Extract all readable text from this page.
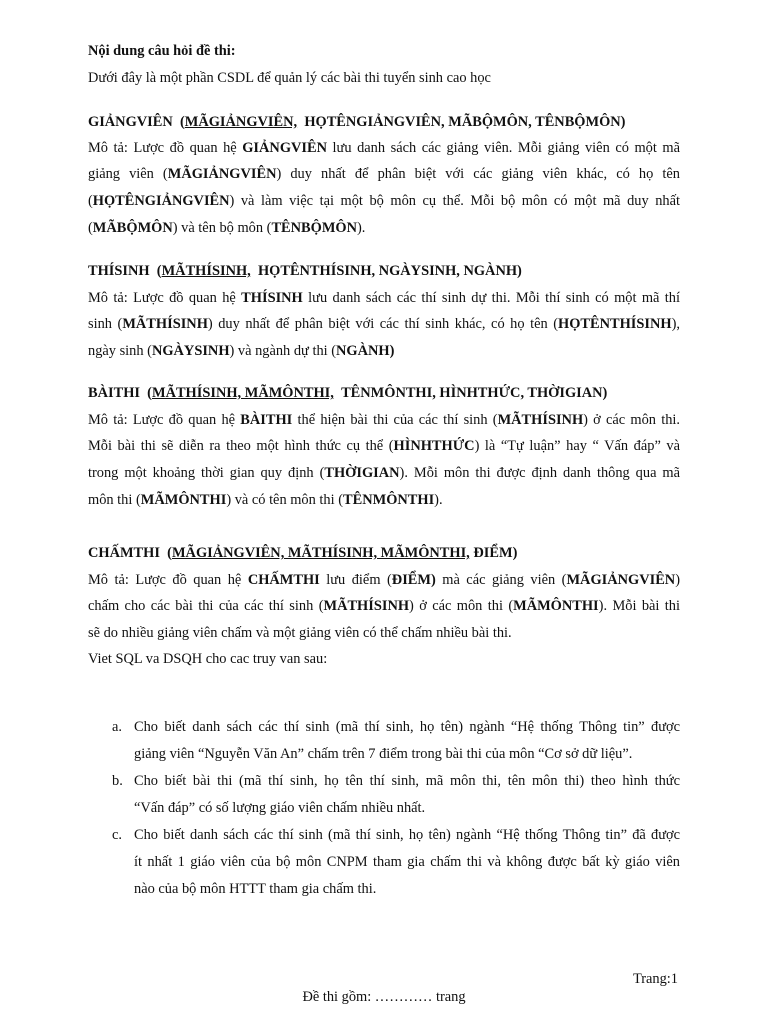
Nội dung câu hỏi đề thi:
Dưới đây là một phần CSDL để quản lý các bài thi tuyển sinh cao học
GIẢNGVIÊN  (MÃGIẢNGVIÊN, HỌTÊNGIẢNGVIÊN, MÃBỘMÔN, TÊNBỘMÔN)
Mô tả: Lược đồ quan hệ GIẢNGVIÊN lưu danh sách các giảng viên. Mỗi giảng viên có một mã
giảng viên (MÃGIẢNGVIÊN) duy nhất để phân biệt với các giảng viên khác, có họ tên
(HỌTÊNGIẢNGVIÊN) và làm việc tại một bộ môn cụ thể. Mỗi bộ môn có một mã duy nhất
(MÃBỘMÔN) và tên bộ môn (TÊNBỘMÔN).
THÍSINH  (MÃTHÍSINH, HỌTÊNTHÍSINH, NGÀYSINH, NGÀNH)
Mô tả: Lược đồ quan hệ THÍSINH lưu danh sách các thí sinh dự thi. Mỗi thí sinh có một mã thí
sinh (MÃTHÍSINH) duy nhất để phân biệt với các thí sinh khác, có họ tên (HỌTÊNTHÍSINH),
ngày sinh (NGÀYSINH) và ngành dự thi (NGÀNH)
BÀITHI  (MÃTHÍSINH, MÃMÔNTHI, TÊNMÔNTHI, HÌNHTHỨC, THỜIGIAN)
Mô tả: Lược đồ quan hệ BÀITHI thể hiện bài thi của các thí sinh (MÃTHÍSINH) ở các môn thi.
Mỗi bài thi sẽ diễn ra theo một hình thức cụ thể (HÌNHTHỨC) là “Tự luận” hay “ Vấn đáp” và
trong một khoảng thời gian quy định (THỜIGIAN). Mỗi môn thi được định danh thông qua mã
môn thi (MÃMÔNTHI) và có tên môn thi (TÊNMÔNTHI).
CHẤMTHI  (MÃGIẢNGVIÊN, MÃTHÍSINH, MÃMÔNTHI, ĐIỂM)
Mô tả: Lược đồ quan hệ CHẤMTHI lưu điểm (ĐIỂM) mà các giảng viên (MÃGIẢNGVIÊN)
chấm cho các bài thi của các thí sinh (MÃTHÍSINH) ở các môn thi (MÃMÔNTHI). Mỗi bài thi
sẽ do nhiều giảng viên chấm và một giảng viên có thể chấm nhiều bài thi.
Viet SQL va DSQH cho cac truy van sau:
a. Cho biết danh sách các thí sinh (mã thí sinh, họ tên) ngành “Hệ thống Thông tin” được
giảng viên “Nguyễn Văn An” chấm trên 7 điểm trong bài thi của môn “Cơ sở dữ liệu”.
b. Cho biết bài thi (mã thí sinh, họ tên thí sinh, mã môn thi, tên môn thi) theo hình thức
“Vấn đáp” có số lượng giáo viên chấm nhiều nhất.
c. Cho biết danh sách các thí sinh (mã thí sinh, họ tên) ngành “Hệ thống Thông tin” đã được
ít nhất 1 giáo viên của bộ môn CNPM tham gia chấm thi và không được bất kỳ giáo viên
nào của bộ môn HTTT tham gia chấm thi.
Trang:1
Đề thi gồm: ………… trang
